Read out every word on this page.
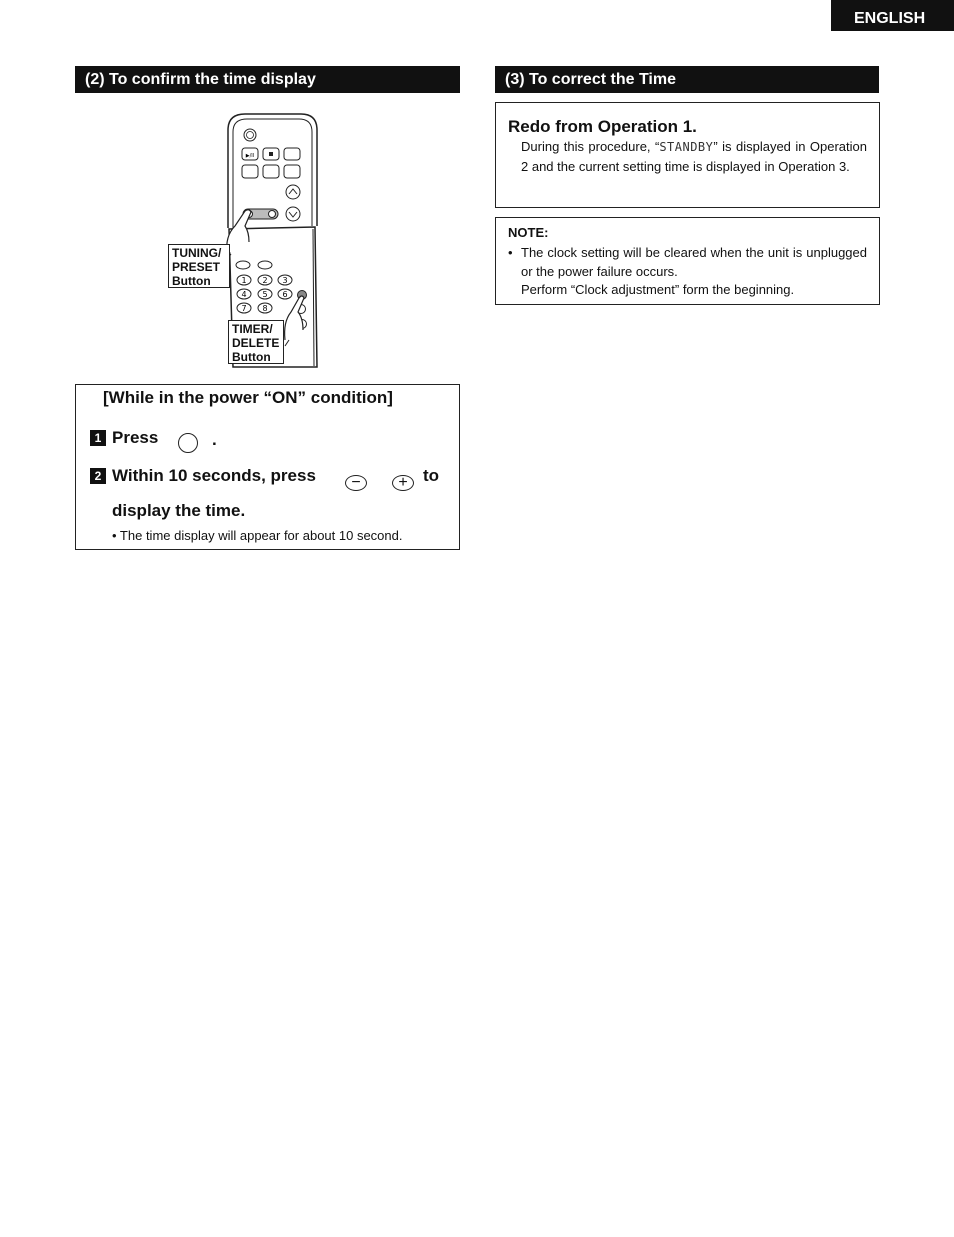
ENGLISH
(2) To confirm the time display	(3) To correct the Time
▶/II
1 2 3
4 5 6
7 8
TUNING/
PRESET
Button
TIMER/
DELETE
Button
[While in the power “ON” condition]
1 Press	.
2 Within 10 seconds, press − + to
display the time.
• The time display will appear for about 10 second.
Redo from Operation 1.
During this procedure, “STANDBY” is displayed in Operation 2 and the current setting time is displayed in Operation 3.
NOTE:
• The clock setting will be cleared when the unit is unplugged or the power failure occurs.
Perform “Clock adjustment” form the beginning.
